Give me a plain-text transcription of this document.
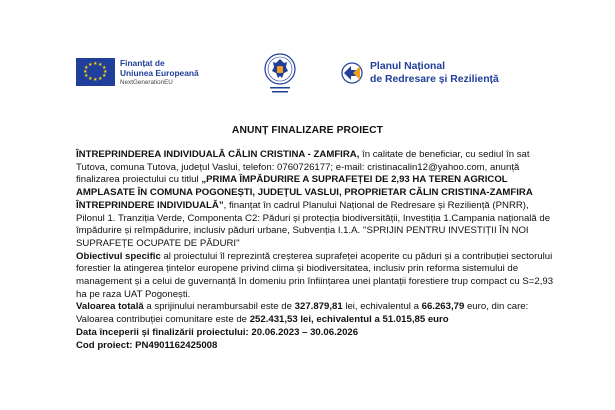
★ ★ ★
★
★
★
★
★
★
★
★ ★	Finanțat de
Uniunea Europeană
NextGenerationEU
Planul Național
de Redresare și Reziliență
ANUNȚ FINALIZARE PROIECT

ÎNTREPRINDEREA INDIVIDUALĂ CĂLIN CRISTINA - ZAMFIRA, în calitate de beneficiar, cu sediul în sat Tutova, comuna Tutova, județul Vaslui, telefon: 0760726177; e-mail: cristinacalin12@yahoo.com, anunță finalizarea proiectului cu titlul „PRIMA ÎMPĂDURIRE A SUPRAFEȚEI DE 2,93 HA TEREN AGRICOL AMPLASATE ÎN COMUNA POGONEȘTI, JUDEȚUL VASLUI, PROPRIETAR CĂLIN CRISTINA-ZAMFIRA ÎNTREPRINDERE INDIVIDUALĂ”, finanțat în cadrul Planului Național de Redresare și Reziliență (PNRR), Pilonul 1. Tranziția Verde, Componenta C2: Păduri și protecția biodiversității, Investiția 1.Campania națională de împădurire și reîmpădurire, inclusiv păduri urbane, Subvenția I.1.A. ''SPRIJIN PENTRU INVESTIȚII ÎN NOI SUPRAFEȚE OCUPATE DE PĂDURI''

Obiectivul specific al proiectului îl reprezintă creșterea suprafeței acoperite cu păduri și a contribuției sectorului forestier la atingerea țintelor europene privind clima și biodiversitatea, inclusiv prin reforma sistemului de management și a celui de guvernanță în domeniu prin înființarea unei plantații forestiere trup compact cu S=2,93 ha pe raza UAT Pogonești.

Valoarea totală a sprijinului nerambursabil este de 327.879,81 lei, echivalentul a 66.263,79 euro, din care:

Valoarea contribuției comunitare este de 252.431,53 lei, echivalentul a 51.015,85 euro

Data începerii și finalizării proiectului: 20.06.2023 – 30.06.2026

Cod proiect: PN4901162425008
